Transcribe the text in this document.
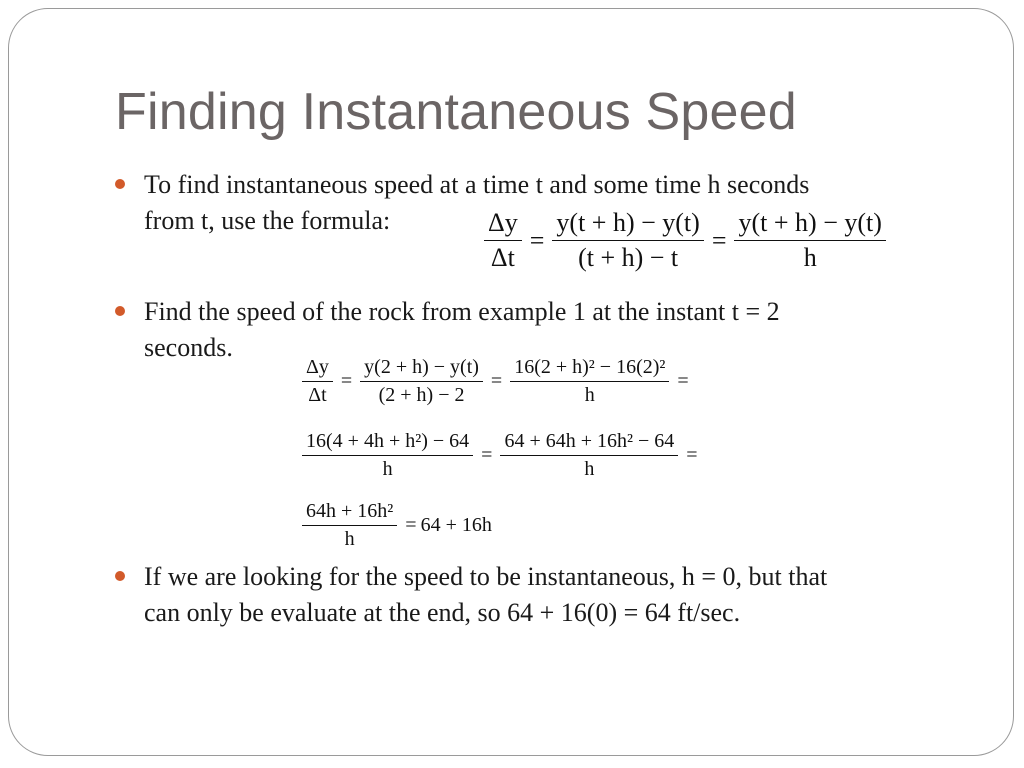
Finding Instantaneous Speed
To find instantaneous speed at a time t and some time h seconds
from t, use the formula:	$\frac{\Delta y}{\Delta t} = \frac{y(t + h) - y(t)}{(t + h) - t} = \frac{y(t + h) - y(t)}{h}$
Find the speed of the rock from example 1 at the instant t = 2
seconds.
$\frac{\Delta y}{\Delta t} = \frac{y(2 + h) - y(t)}{(2 + h) - 2} = \frac{\text{16(2 + h)² − 16(2)²}}{h}$ =
$\frac{\text{16(4 + 4h + h²) − 64}}{h} = \frac{\text{64 + 64h + 16h² − 64}}{h}$ =
$\frac{\text{64h + 16h²}}{h} = 64 + 16h$
If we are looking for the speed to be instantaneous, h = 0, but that
can only be evaluate at the end, so 64 + 16(0) = 64 ft/sec.
